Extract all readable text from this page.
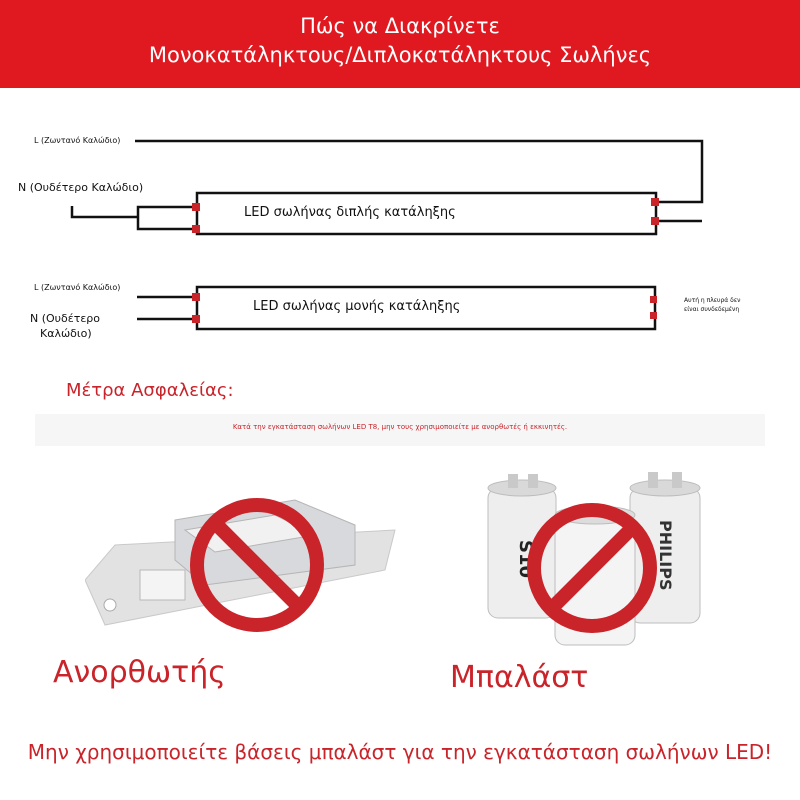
Πώς να Διακρίνετε
Μονοκατάληκτους/Διπλοκατάληκτους Σωλήνες
L (Ζωντανό Καλώδιο)
N (Ουδέτερο Καλώδιο)
LED σωλήνας διπλής κατάληξης
L (Ζωντανό Καλώδιο)
N (Ουδέτερο
Καλώδιο)
LED σωλήνας μονής κατάληξης	Αυτή η πλευρά δεν
είναι συνδεδεμένη
Μέτρα Ασφαλείας:
Κατά την εγκατάσταση σωλήνων LED T8, μην τους χρησιμοποιείτε με ανορθωτές ή εκκινητές.
S10	PHILIPS
Ανορθωτής	Μπαλάστ
Μην χρησιμοποιείτε βάσεις μπαλάστ για την εγκατάσταση σωλήνων LED!
